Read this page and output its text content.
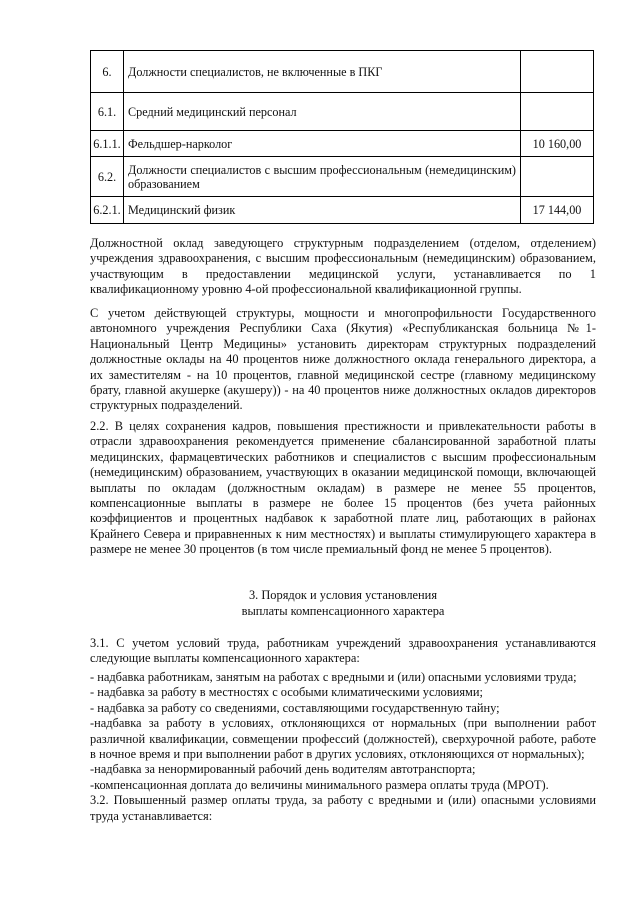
6.	Должности специалистов, не включенные в ПКГ	
6.1.	Средний медицинский персонал	
6.1.1.	Фельдшер-нарколог	10 160,00
6.2.	Должности специалистов с высшим профессиональным (немедицинским) образованием	
6.2.1.	Медицинский физик	17 144,00

Должностной оклад заведующего структурным подразделением (отделом, отделением) учреждения здравоохранения, с высшим профессиональным (немедицинским) образованием, участвующим в предоставлении медицинской услуги, устанавливается по 1 квалификационному уровню 4-ой профессиональной квалификационной группы.

С учетом действующей структуры, мощности и многопрофильности Государственного автономного учреждения Республики Саха (Якутия) «Республиканская больница №1-Национальный Центр Медицины» установить директорам структурных подразделений должностные оклады на 40 процентов ниже должностного оклада генерального директора, а их заместителям - на 10 процентов, главной медицинской сестре (главному медицинскому брату, главной акушерке (акушеру)) - на 40 процентов ниже должностных окладов директоров структурных подразделений.

2.2. В целях сохранения кадров, повышения престижности и привлекательности работы в отрасли здравоохранения рекомендуется применение сбалансированной заработной платы медицинских, фармацевтических работников и специалистов с высшим профессиональным (немедицинским) образованием, участвующих в оказании медицинской помощи, включающей выплаты по окладам (должностным окладам) в размере не менее 55 процентов, компенсационные выплаты в размере не более 15 процентов (без учета районных коэффициентов и процентных надбавок к заработной плате лиц, работающих в районах Крайнего Севера и приравненных к ним местностях) и выплаты стимулирующего характера в размере не менее 30 процентов (в том числе премиальный фонд не менее 5 процентов).

3. Порядок и условия установления

выплаты компенсационного характера

3.1. С учетом условий труда, работникам учреждений здравоохранения устанавливаются следующие выплаты компенсационного характера:

- надбавка работникам, занятым на работах с вредными и (или) опасными условиями труда;

- надбавка за работу в местностях с особыми климатическими условиями;

- надбавка за работу со сведениями, составляющими государственную тайну;

-надбавка за работу в условиях, отклоняющихся от нормальных (при выполнении работ различной квалификации, совмещении профессий (должностей), сверхурочной работе, работе в ночное время и при выполнении работ в других условиях, отклоняющихся от нормальных);

-надбавка за ненормированный рабочий день водителям автотранспорта;

-компенсационная доплата до величины минимального размера оплаты труда (МРОТ).

3.2. Повышенный размер оплаты труда, за работу с вредными и (или) опасными условиями труда устанавливается:
